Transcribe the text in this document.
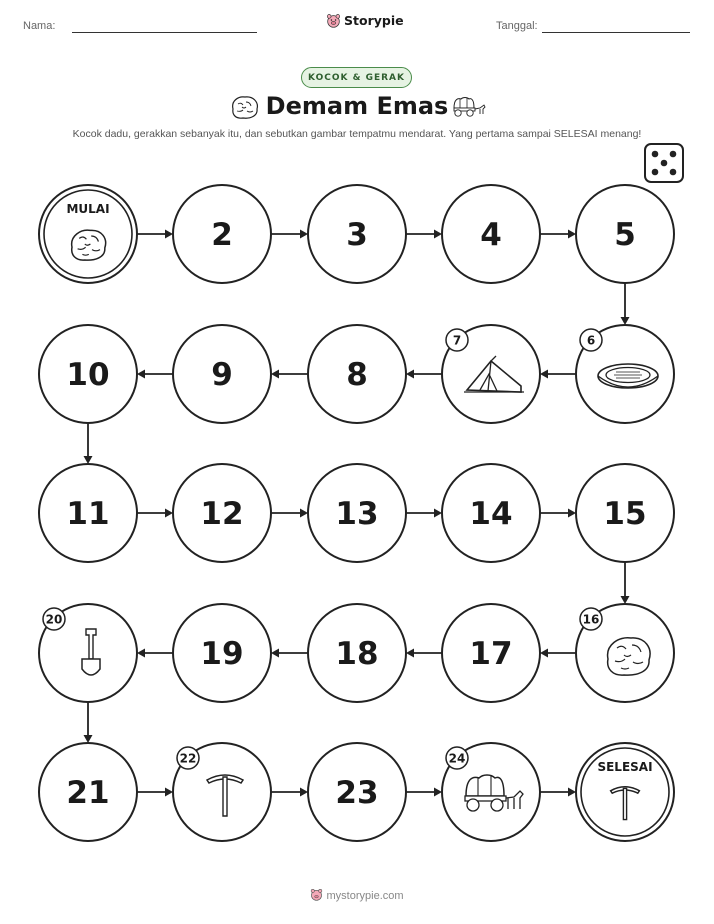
Nama:	Storypie	Tanggal:
KOCOK & GERAK
Demam Emas
Kocok dadu, gerakkan sebanyak itu, dan sebutkan gambar tempatmu mendarat. Yang pertama sampai SELESAI menang!
MULAI
2	3	4	5
6
7
8
9
10
11	12	13	14	15
16
17
18
19
20
21
22
23
24
SELESAI
mystorypie.com
